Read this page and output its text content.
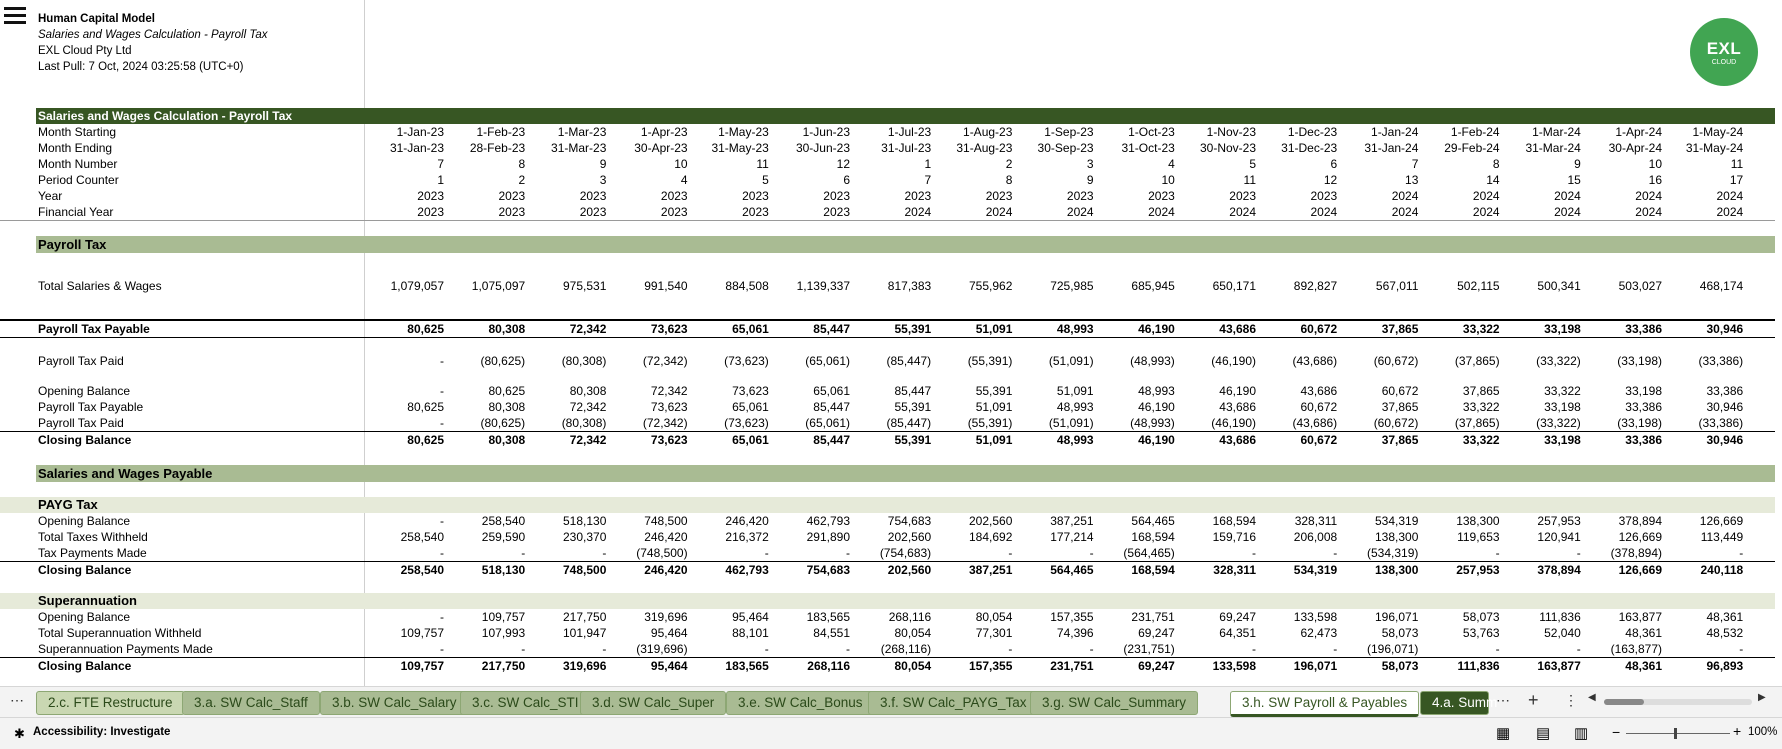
Human Capital Model
Salaries and Wages Calculation - Payroll Tax
EXL Cloud Pty Ltd
Last Pull: 7 Oct, 2024 03:25:58 (UTC+0)
EXL
CLOUD
Salaries and Wages Calculation - Payroll Tax
Month Starting	1-Jan-23	1-Feb-23	1-Mar-23	1-Apr-23	1-May-23	1-Jun-23	1-Jul-23	1-Aug-23	1-Sep-23	1-Oct-23	1-Nov-23	1-Dec-23	1-Jan-24	1-Feb-24	1-Mar-24	1-Apr-24	1-May-24
Month Ending	31-Jan-23	28-Feb-23	31-Mar-23	30-Apr-23	31-May-23	30-Jun-23	31-Jul-23	31-Aug-23	30-Sep-23	31-Oct-23	30-Nov-23	31-Dec-23	31-Jan-24	29-Feb-24	31-Mar-24	30-Apr-24	31-May-24
Month Number	7	8	9	10	11	12	1	2	3	4	5	6	7	8	9	10	11
Period Counter	1	2	3	4	5	6	7	8	9	10	11	12	13	14	15	16	17
Year	2023	2023	2023	2023	2023	2023	2023	2023	2023	2023	2023	2023	2024	2024	2024	2024	2024
Financial Year	2023	2023	2023	2023	2023	2023	2024	2024	2024	2024	2024	2024	2024	2024	2024	2024	2024
Payroll Tax
Total Salaries & Wages	1,079,057	1,075,097	975,531	991,540	884,508	1,139,337	817,383	755,962	725,985	685,945	650,171	892,827	567,011	502,115	500,341	503,027	468,174
Payroll Tax Payable	80,625	80,308	72,342	73,623	65,061	85,447	55,391	51,091	48,993	46,190	43,686	60,672	37,865	33,322	33,198	33,386	30,946
Payroll Tax Paid	-	(80,625)	(80,308)	(72,342)	(73,623)	(65,061)	(85,447)	(55,391)	(51,091)	(48,993)	(46,190)	(43,686)	(60,672)	(37,865)	(33,322)	(33,198)	(33,386)
Opening Balance	-	80,625	80,308	72,342	73,623	65,061	85,447	55,391	51,091	48,993	46,190	43,686	60,672	37,865	33,322	33,198	33,386
Payroll Tax Payable	80,625	80,308	72,342	73,623	65,061	85,447	55,391	51,091	48,993	46,190	43,686	60,672	37,865	33,322	33,198	33,386	30,946
Payroll Tax Paid	-	(80,625)	(80,308)	(72,342)	(73,623)	(65,061)	(85,447)	(55,391)	(51,091)	(48,993)	(46,190)	(43,686)	(60,672)	(37,865)	(33,322)	(33,198)	(33,386)
Closing Balance	80,625	80,308	72,342	73,623	65,061	85,447	55,391	51,091	48,993	46,190	43,686	60,672	37,865	33,322	33,198	33,386	30,946
Salaries and Wages Payable
PAYG Tax
Opening Balance	-	258,540	518,130	748,500	246,420	462,793	754,683	202,560	387,251	564,465	168,594	328,311	534,319	138,300	257,953	378,894	126,669
Total Taxes Withheld	258,540	259,590	230,370	246,420	216,372	291,890	202,560	184,692	177,214	168,594	159,716	206,008	138,300	119,653	120,941	126,669	113,449
Tax Payments Made	-	-	-	(748,500)	-	-	(754,683)	-	-	(564,465)	-	-	(534,319)	-	-	(378,894)	-
Closing Balance	258,540	518,130	748,500	246,420	462,793	754,683	202,560	387,251	564,465	168,594	328,311	534,319	138,300	257,953	378,894	126,669	240,118
Superannuation
Opening Balance	-	109,757	217,750	319,696	95,464	183,565	268,116	80,054	157,355	231,751	69,247	133,598	196,071	58,073	111,836	163,877	48,361
Total Superannuation Withheld	109,757	107,993	101,947	95,464	88,101	84,551	80,054	77,301	74,396	69,247	64,351	62,473	58,073	53,763	52,040	48,361	48,532
Superannuation Payments Made	-	-	-	(319,696)	-	-	(268,116)	-	-	(231,751)	-	-	(196,071)	-	-	(163,877)	-
Closing Balance	109,757	217,750	319,696	95,464	183,565	268,116	80,054	157,355	231,751	69,247	133,598	196,071	58,073	111,836	163,877	48,361	96,893
⋯	2.c. FTE Restructure	3.a. SW Calc_Staff	3.b. SW Calc_Salary	3.c. SW Calc_STI 3.d. SW Calc_Super	3.e. SW Calc_Bonus	3.f. SW Calc_PAYG_Tax	3.g. SW Calc_Summary	3.h. SW Payroll & Payables	4.a. Summ
⋯ + ⋮ ◀	▶
✱ Accessibility: Investigate	▦ ▤ ▥ −	+ 100%
